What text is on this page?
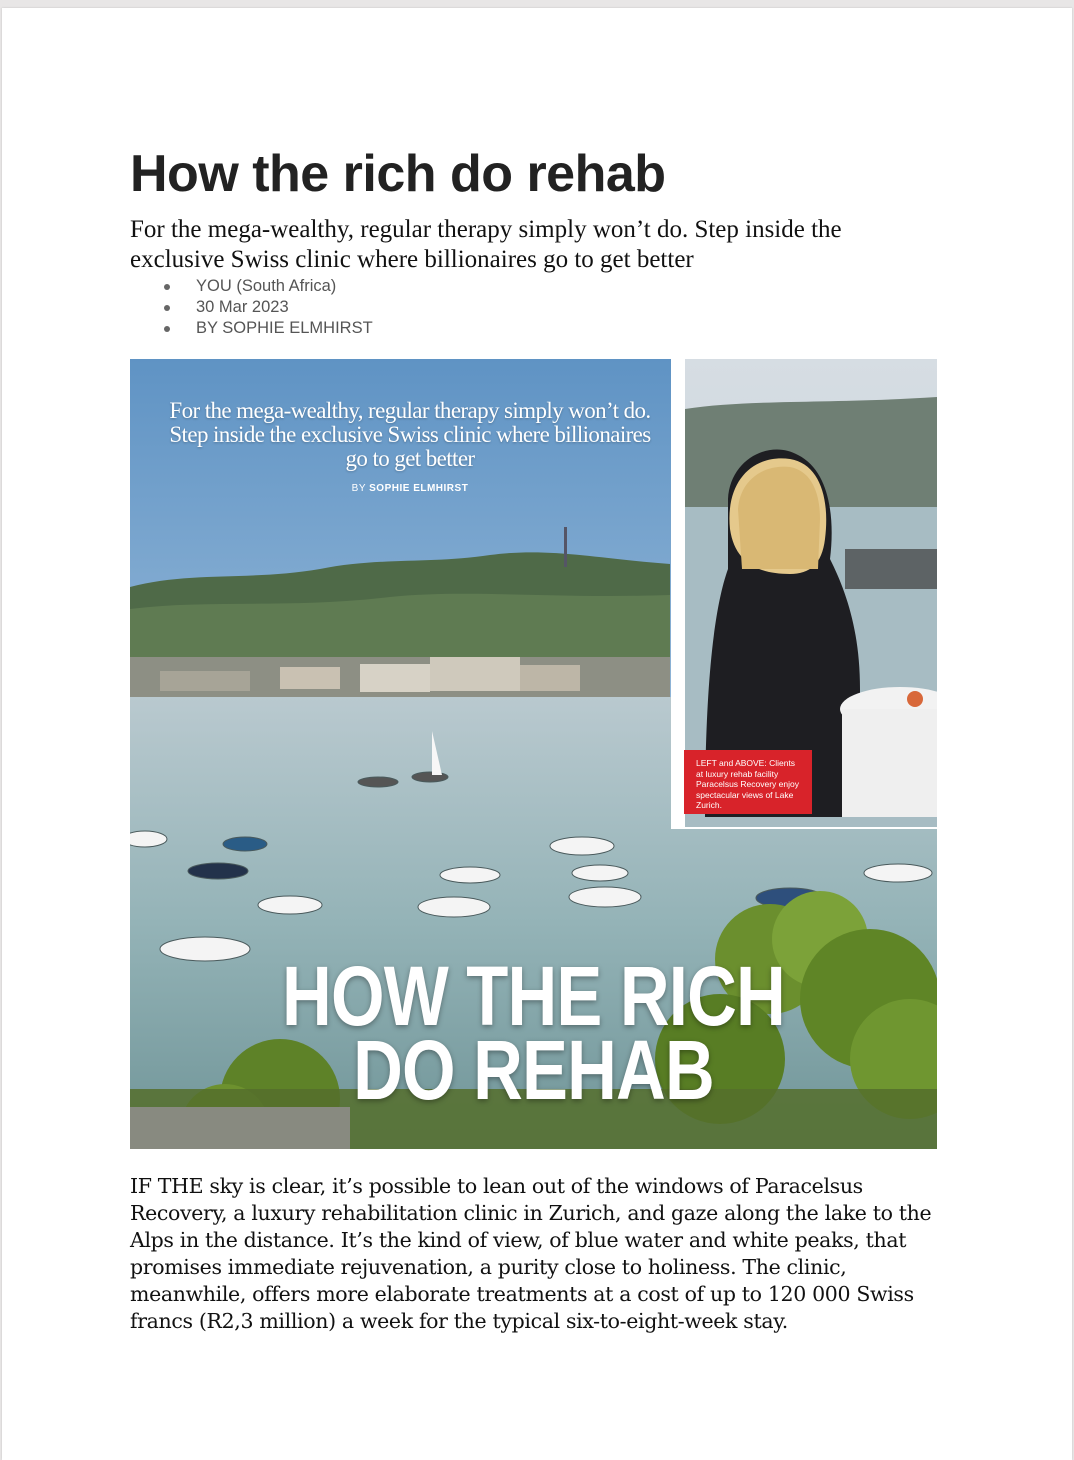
How the rich do rehab

For the mega-wealthy, regular therapy simply won’t do. Step inside the exclusive Swiss clinic where billionaires go to get better

YOU (South Africa)
30 Mar 2023
BY SOPHIE ELMHIRST

For the mega-wealthy, regular therapy simply won’t do. Step inside the exclusive Swiss clinic where billionaires go to get better

BY SOPHIE ELMHIRST
LEFT and ABOVE: Clients at luxury rehab facility Paracelsus Recovery enjoy spectacular views of Lake Zurich.
HOW THE RICH
DO REHAB

IF THE sky is clear, it’s possible to lean out of the windows of Paracelsus Recovery, a luxury rehabilitation clinic in Zurich, and gaze along the lake to the Alps in the distance. It’s the kind of view, of blue water and white peaks, that promises immediate rejuvenation, a purity close to holiness. The clinic, meanwhile, offers more elaborate treatments at a cost of up to 120 000 Swiss francs (R2,3 million) a week for the typical six-to-eight-week stay.
